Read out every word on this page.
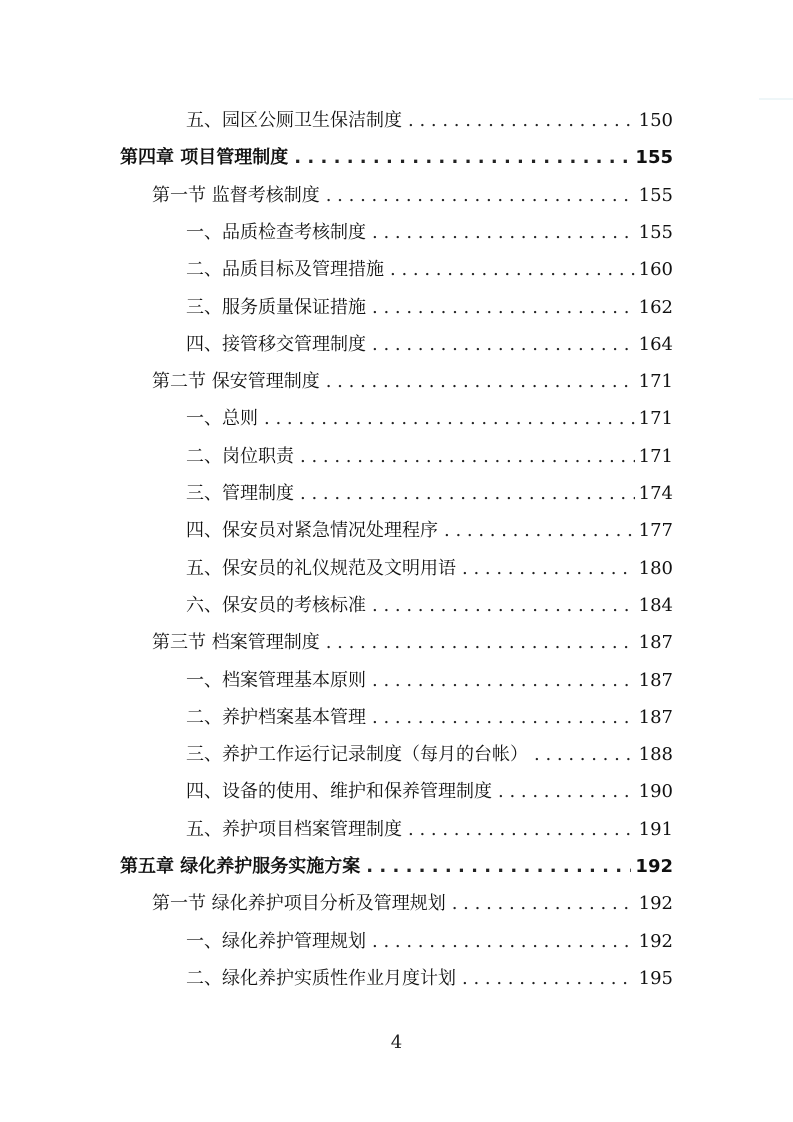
五、园区公厕卫生保洁制度 . . .	150
第四章 项目管理制度 . . .	155
第一节 监督考核制度 . . .	155
一、品质检查考核制度 . . .	155
二、品质目标及管理措施 . . .	160
三、服务质量保证措施 . . .	162
四、接管移交管理制度 . . .	164
第二节 保安管理制度 . . .	171
一、总则 . . .	171
二、岗位职责 . . .	171
三、管理制度 . . .	174
四、保安员对紧急情况处理程序 . . .	177
五、保安员的礼仪规范及文明用语 . . .	180
六、保安员的考核标准 . . .	184
第三节 档案管理制度 . . .	187
一、档案管理基本原则 . . .	187
二、养护档案基本管理 . . .	187
三、养护工作运行记录制度（每月的台帐） . . .	188
四、设备的使用、维护和保养管理制度 . . .	190
五、养护项目档案管理制度 . . .	191
第五章 绿化养护服务实施方案 . . .	192
第一节 绿化养护项目分析及管理规划 . . .	192
一、绿化养护管理规划 . . .	192
二、绿化养护实质性作业月度计划 . . .	195
4
